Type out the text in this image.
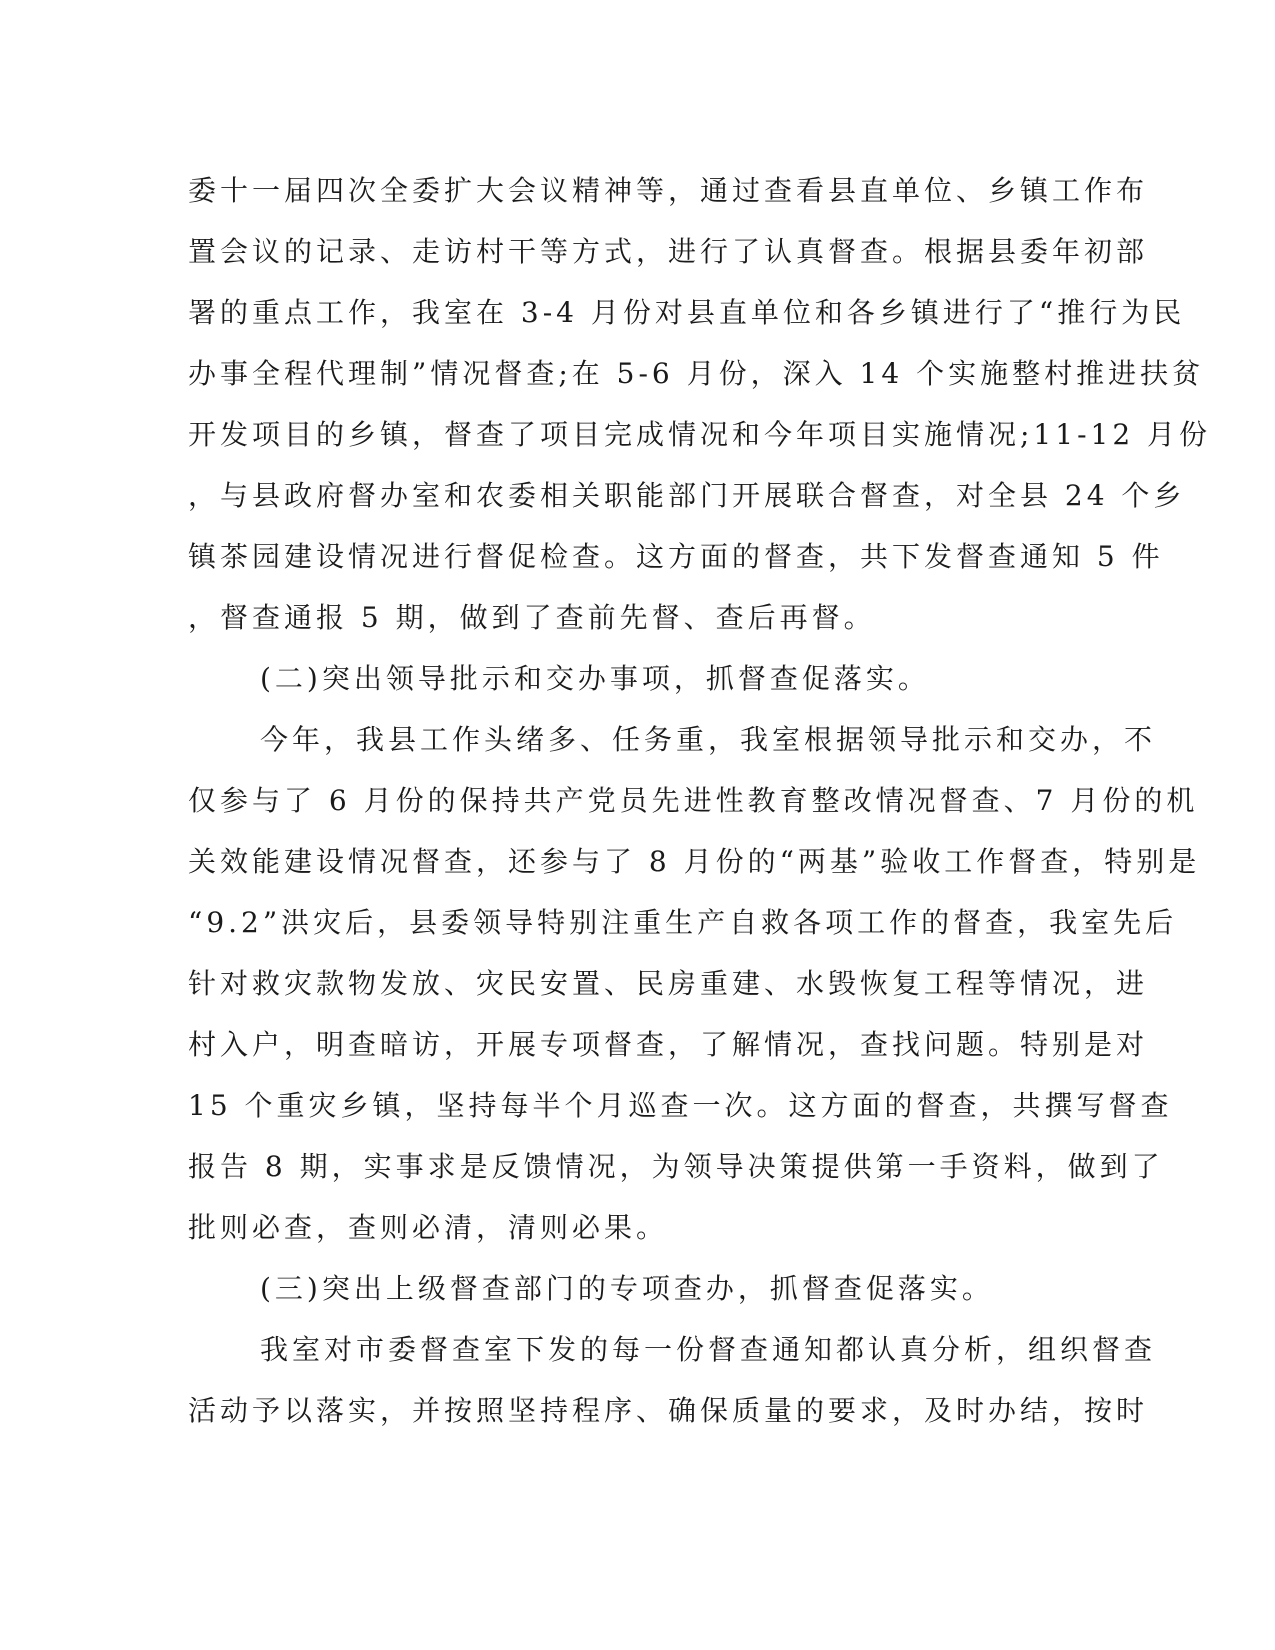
委十一届四次全委扩大会议精神等，通过查看县直单位、乡镇工作布
置会议的记录、走访村干等方式，进行了认真督查。根据县委年初部
署的重点工作，我室在 3-4 月份对县直单位和各乡镇进行了“推行为民
办事全程代理制”情况督查;在 5-6 月份，深入 14 个实施整村推进扶贫
开发项目的乡镇，督查了项目完成情况和今年项目实施情况;11-12 月份
，与县政府督办室和农委相关职能部门开展联合督查，对全县 24 个乡
镇茶园建设情况进行督促检查。这方面的督查，共下发督查通知 5 件
，督查通报 5 期，做到了查前先督、查后再督。
(二)突出领导批示和交办事项，抓督查促落实。
今年，我县工作头绪多、任务重，我室根据领导批示和交办，不
仅参与了 6 月份的保持共产党员先进性教育整改情况督查、7 月份的机
关效能建设情况督查，还参与了 8 月份的“两基”验收工作督查，特别是
“9.2”洪灾后，县委领导特别注重生产自救各项工作的督查，我室先后
针对救灾款物发放、灾民安置、民房重建、水毁恢复工程等情况，进
村入户，明查暗访，开展专项督查，了解情况，查找问题。特别是对
15 个重灾乡镇，坚持每半个月巡查一次。这方面的督查，共撰写督查
报告 8 期，实事求是反馈情况，为领导决策提供第一手资料，做到了
批则必查，查则必清，清则必果。
(三)突出上级督查部门的专项查办，抓督查促落实。
我室对市委督查室下发的每一份督查通知都认真分析，组织督查
活动予以落实，并按照坚持程序、确保质量的要求，及时办结，按时
